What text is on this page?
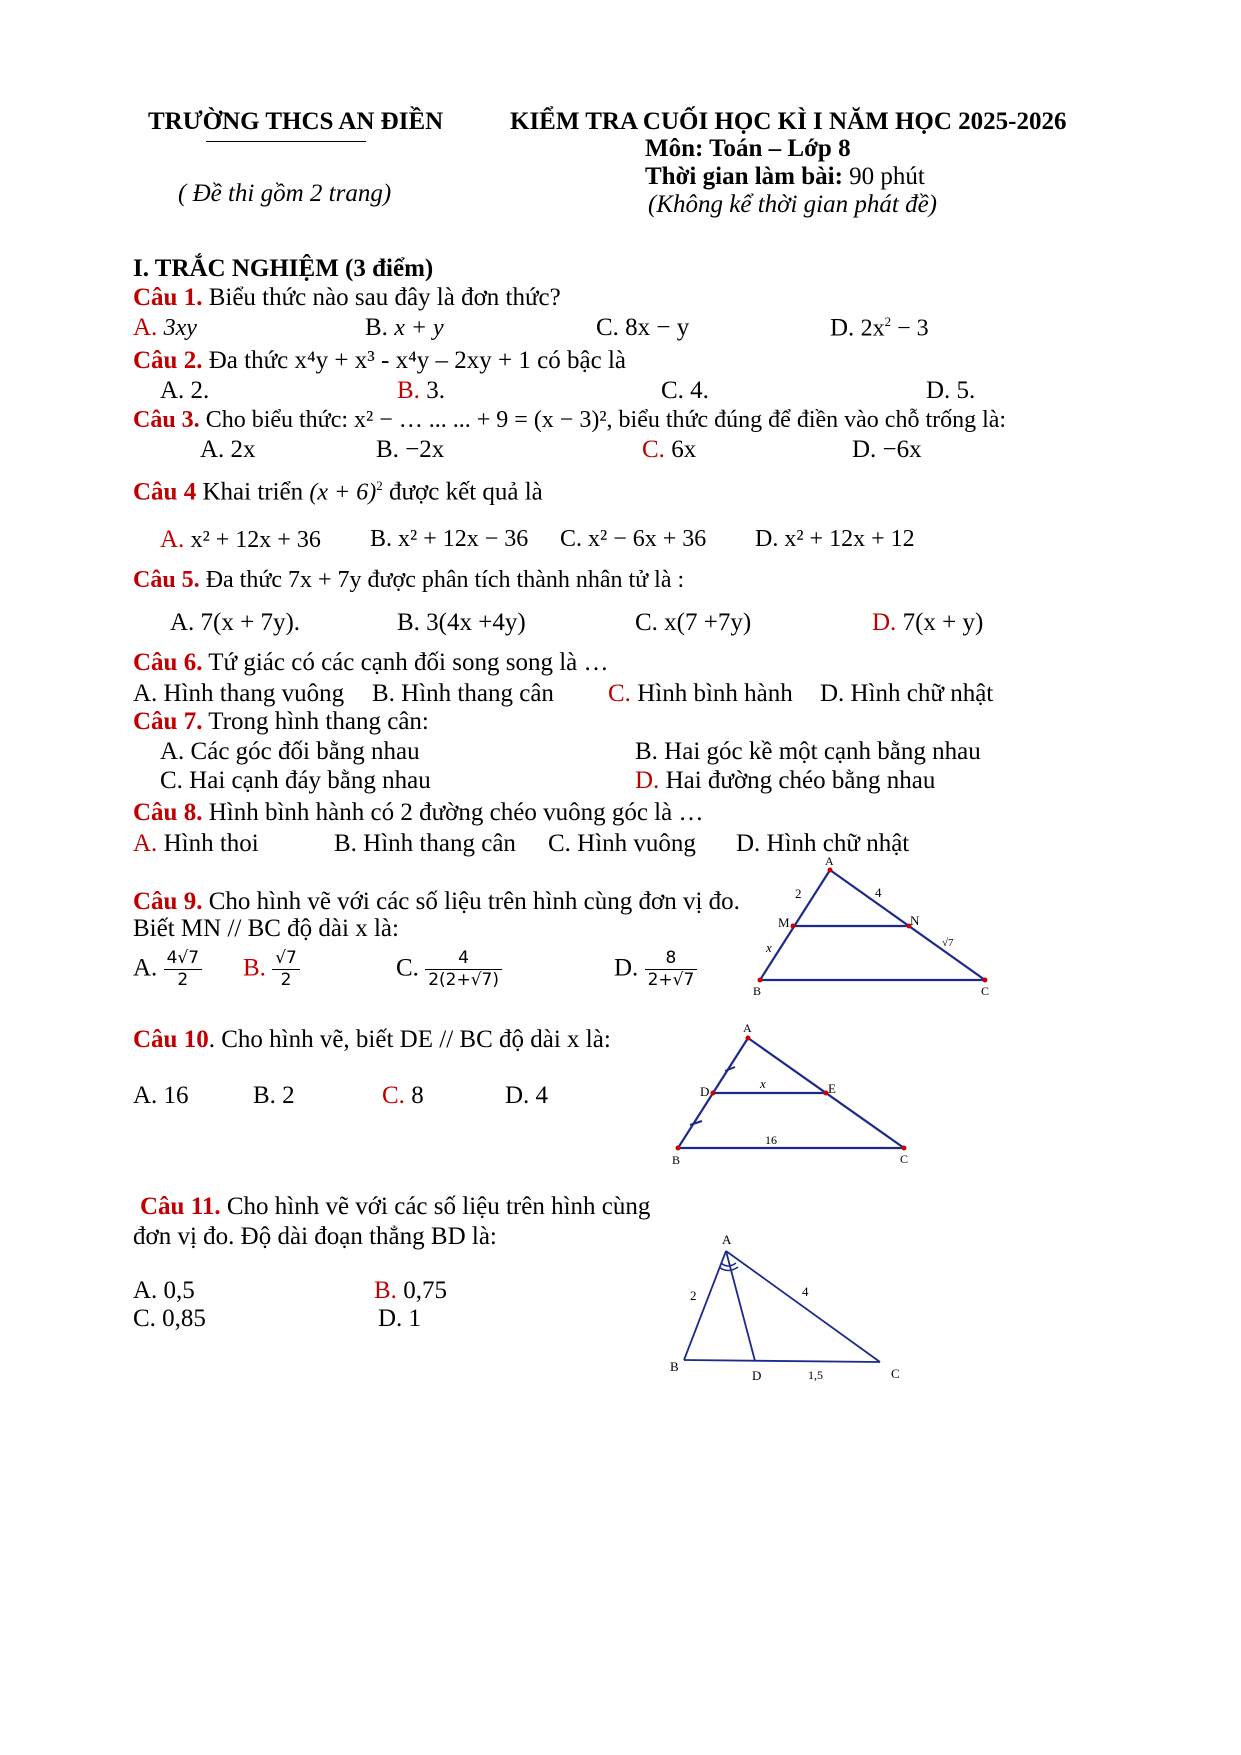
TRƯỜNG THCS AN ĐIỀN
( Đề thi gồm 2 trang)
KIỂM TRA CUỐI HỌC KÌ I NĂM HỌC 2025-2026
Môn: Toán – Lớp 8
Thời gian làm bài: 90 phút
(Không kể thời gian phát đề)
I. TRẮC NGHIỆM (3 điểm)
Câu 1. Biểu thức nào sau đây là đơn thức?
A. 3xy	B. x + y	C. 8x − y	D. $2x^2 - 3$
Câu 2. Đa thức x⁴y + x³ - x⁴y – 2xy + 1 có bậc là
A. 2.	B. 3.	C. 4.	D. 5.
Câu 3. Cho biểu thức: x² − … ... ... + 9 = (x − 3)², biểu thức đúng để điền vào chỗ trống là:
A. 2x	B. −2x	C. 6x	D. −6x
Câu 4 Khai triển $(x + 6)^2$ được kết quả là
A. x² + 12x + 36 B. x² + 12x − 36 C. x² − 6x + 36 D. x² + 12x + 12
Câu 5. Đa thức 7x + 7y được phân tích thành nhân tử là :
A. 7(x + 7y).	B. 3(4x +4y)	C. x(7 +7y)	D. 7(x + y)
Câu 6. Tứ giác có các cạnh đối song song là …
A. Hình thang vuông B. Hình thang cân C. Hình bình hành D. Hình chữ nhật
Câu 7. Trong hình thang cân:
A. Các góc đối bằng nhau	B. Hai góc kề một cạnh bằng nhau
C. Hai cạnh đáy bằng nhau	D. Hai đường chéo bằng nhau
Câu 8. Hình bình hành có 2 đường chéo vuông góc là …
A. Hình thoi	B. Hình thang cân C. Hình vuông D. Hình chữ nhật
Câu 9. Cho hình vẽ với các số liệu trên hình cùng đơn vị đo.
Biết MN // BC độ dài x là:
A. $\frac{4√7}{2} B$. $\frac{√7}{2}$	C. $\frac{4}{2(2+√7)}$	D. $\frac{8}{2+√7}$
A
B	C
M	N
2	4
x	√7
Câu 10. Cho hình vẽ, biết DE // BC độ dài x là:
A. 16	B. 2	C. 8	D. 4
A
B	C
D	E
x
16
Câu 11. Cho hình vẽ với các số liệu trên hình cùng
đơn vị đo. Độ dài đoạn thẳng BD là:
A. 0,5	B. 0,75
C. 0,85	D. 1
A
B	C
D
2	4
1,5
